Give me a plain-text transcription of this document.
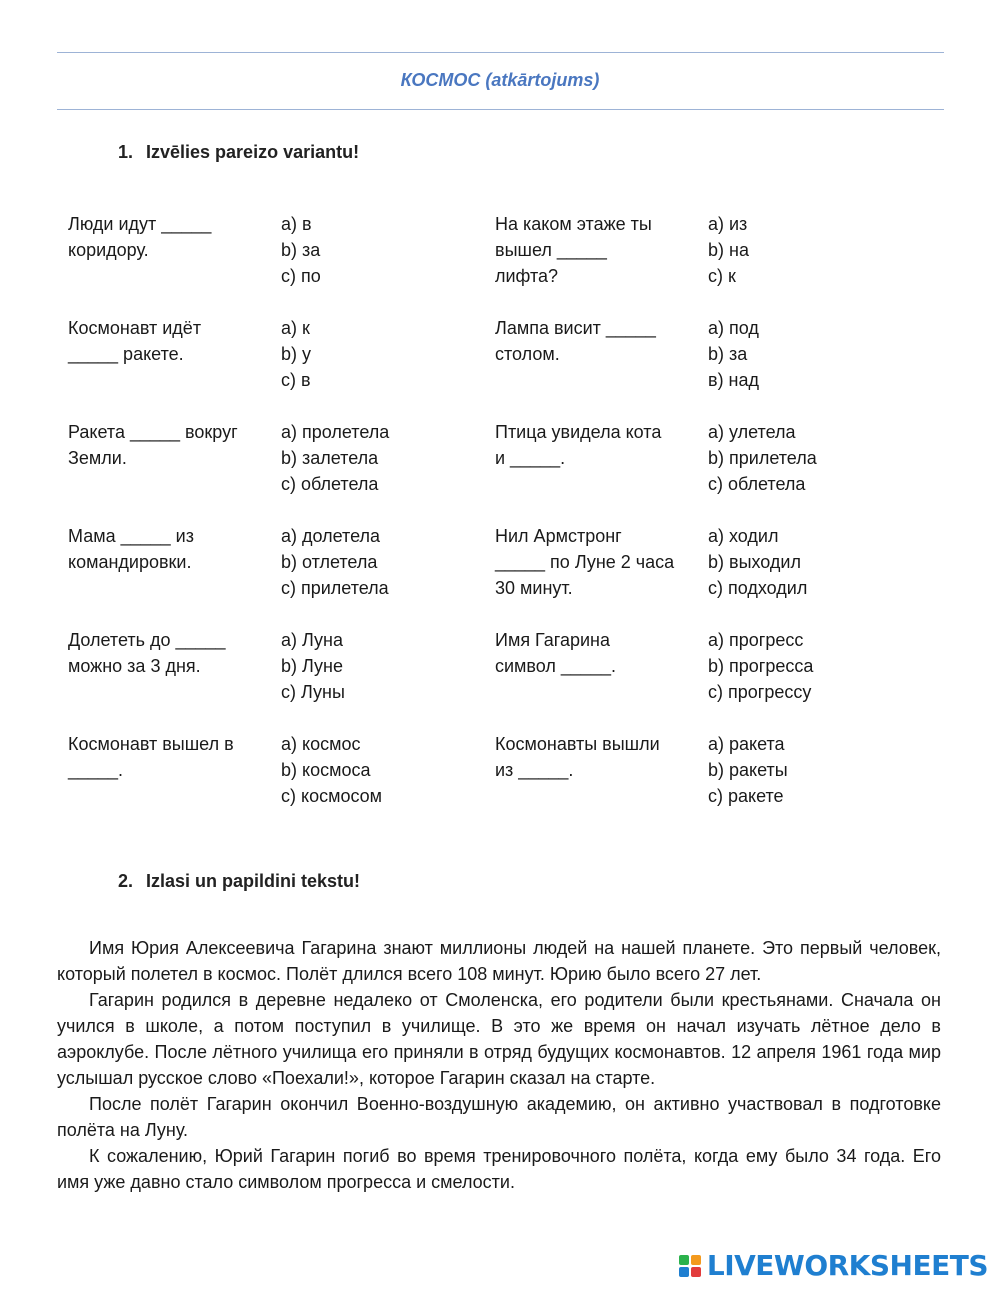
КОСМОС (atkārtojums)
1. Izvēlies pareizo variantu!
Люди идут _____
коридору.
a) в
b) за
c) по
На каком этаже ты
вышел _____
лифта?
a) из
b) на
c) к
Космонавт идёт
_____ ракете.
a) к
b) у
c) в
Лампа висит _____
столом.
a) под
b) за
в) над
Ракета _____ вокруг
Земли.
a) пролетела
b) залетела
c) облетела
Птица увидела кота
и _____.
a) улетела
b) прилетела
c) облетела
Мама _____ из
командировки.
a) долетела
b) отлетела
c) прилетела
Нил Армстронг
_____ по Луне 2 часа
30 минут.
a) ходил
b) выходил
c) подходил
Долететь до _____
можно за 3 дня.
a) Луна
b) Луне
c) Луны
Имя Гагарина
символ _____.
a) прогресс
b) прогресса
c) прогрессу
Космонавт вышел в
_____.
a) космос
b) космоса
c) космосом
Космонавты вышли
из _____.
a) ракета
b) ракеты
c) ракете
2. Izlasi un papildini tekstu!

Имя Юрия Алексеевича Гагарина знают миллионы людей на нашей планете. Это первый человек, который полетел в космос. Полёт длился всего 108 минут. Юрию было всего 27 лет.

Гагарин родился в деревне недалеко от Смоленска, его родители были крестьянами. Сначала он учился в школе, а потом поступил в училище. В это же время он начал изучать лётное дело в аэроклубе. После лётного училища его приняли в отряд будущих космонавтов. 12 апреля 1961 года мир услышал русское слово «Поехали!», которое Гагарин сказал на старте.

После полёт Гагарин окончил Военно-воздушную академию, он активно участвовал в подготовке полёта на Луну.

К сожалению, Юрий Гагарин погиб во время тренировочного полёта, когда ему было 34 года. Его имя уже давно стало символом прогресса и смелости.

LIVEWORKSHEETS
